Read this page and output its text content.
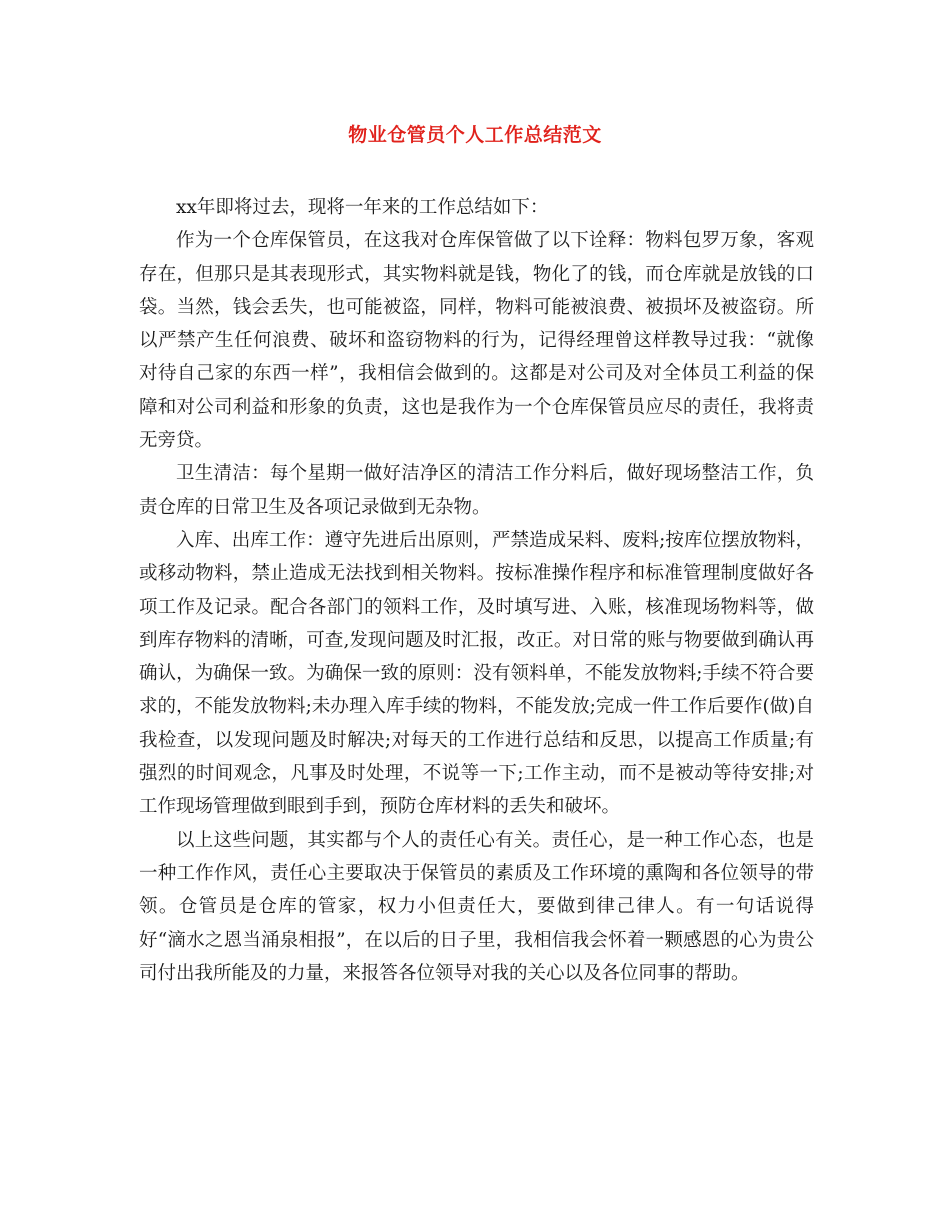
物业仓管员个人工作总结范文

xx年即将过去，现将一年来的工作总结如下：

作为一个仓库保管员，在这我对仓库保管做了以下诠释：物料包罗万象，客观存在，但那只是其表现形式，其实物料就是钱，物化了的钱，而仓库就是放钱的口袋。当然，钱会丢失，也可能被盗，同样，物料可能被浪费、被损坏及被盗窃。所以严禁产生任何浪费、破坏和盗窃物料的行为，记得经理曾这样教导过我：“就像对待自己家的东西一样”，我相信会做到的。这都是对公司及对全体员工利益的保障和对公司利益和形象的负责，这也是我作为一个仓库保管员应尽的责任，我将责无旁贷。

卫生清洁：每个星期一做好洁净区的清洁工作分料后，做好现场整洁工作，负责仓库的日常卫生及各项记录做到无杂物。

入库、出库工作：遵守先进后出原则，严禁造成呆料、废料;按库位摆放物料，或移动物料，禁止造成无法找到相关物料。按标准操作程序和标准管理制度做好各项工作及记录。配合各部门的领料工作，及时填写进、入账，核准现场物料等，做到库存物料的清晰，可查,发现问题及时汇报，改正。对日常的账与物要做到确认再确认，为确保一致。为确保一致的原则：没有领料单，不能发放物料;手续不符合要求的，不能发放物料;未办理入库手续的物料，不能发放;完成一件工作后要作(做)自我检查，以发现问题及时解决;对每天的工作进行总结和反思，以提高工作质量;有强烈的时间观念，凡事及时处理，不说等一下;工作主动，而不是被动等待安排;对工作现场管理做到眼到手到，预防仓库材料的丢失和破坏。

以上这些问题，其实都与个人的责任心有关。责任心，是一种工作心态，也是一种工作作风，责任心主要取决于保管员的素质及工作环境的熏陶和各位领导的带领。仓管员是仓库的管家，权力小但责任大，要做到律己律人。有一句话说得好“滴水之恩当涌泉相报”，在以后的日子里，我相信我会怀着一颗感恩的心为贵公司付出我所能及的力量，来报答各位领导对我的关心以及各位同事的帮助。
